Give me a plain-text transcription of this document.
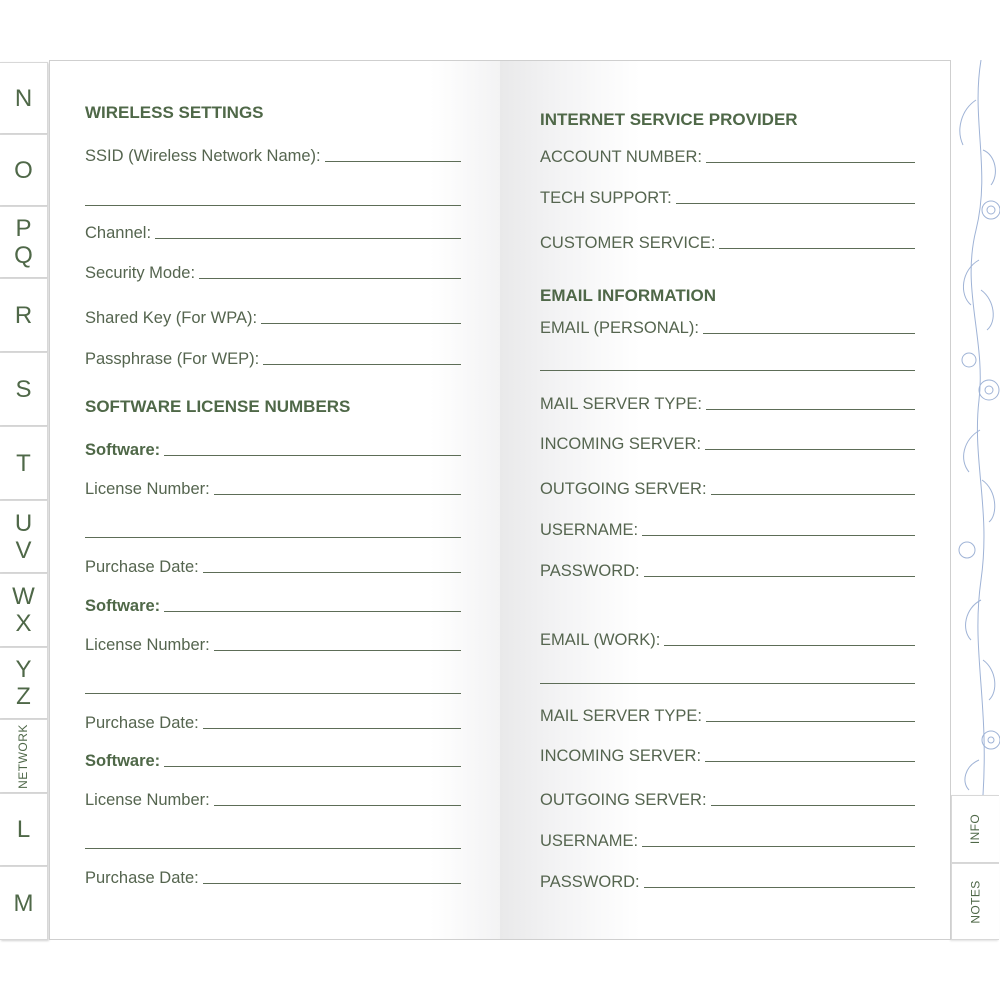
N
O
P
Q
R
S
T
U
V
W
X
Y
Z
NETWORK
L
M
INFO
NOTES
WIRELESS SETTINGS
SSID (Wireless Network Name):
Channel:
Security Mode:
Shared Key (For WPA):
Passphrase (For WEP):
SOFTWARE LICENSE NUMBERS
Software:
License Number:
Purchase Date:
Software:
License Number:
Purchase Date:
Software:
License Number:
Purchase Date:
INTERNET SERVICE PROVIDER
ACCOUNT NUMBER:
TECH SUPPORT:
CUSTOMER SERVICE:
EMAIL INFORMATION
EMAIL (PERSONAL):
MAIL SERVER TYPE:
INCOMING SERVER:
OUTGOING SERVER:
USERNAME:
PASSWORD:
EMAIL (WORK):
MAIL SERVER TYPE:
INCOMING SERVER:
OUTGOING SERVER:
USERNAME:
PASSWORD:
